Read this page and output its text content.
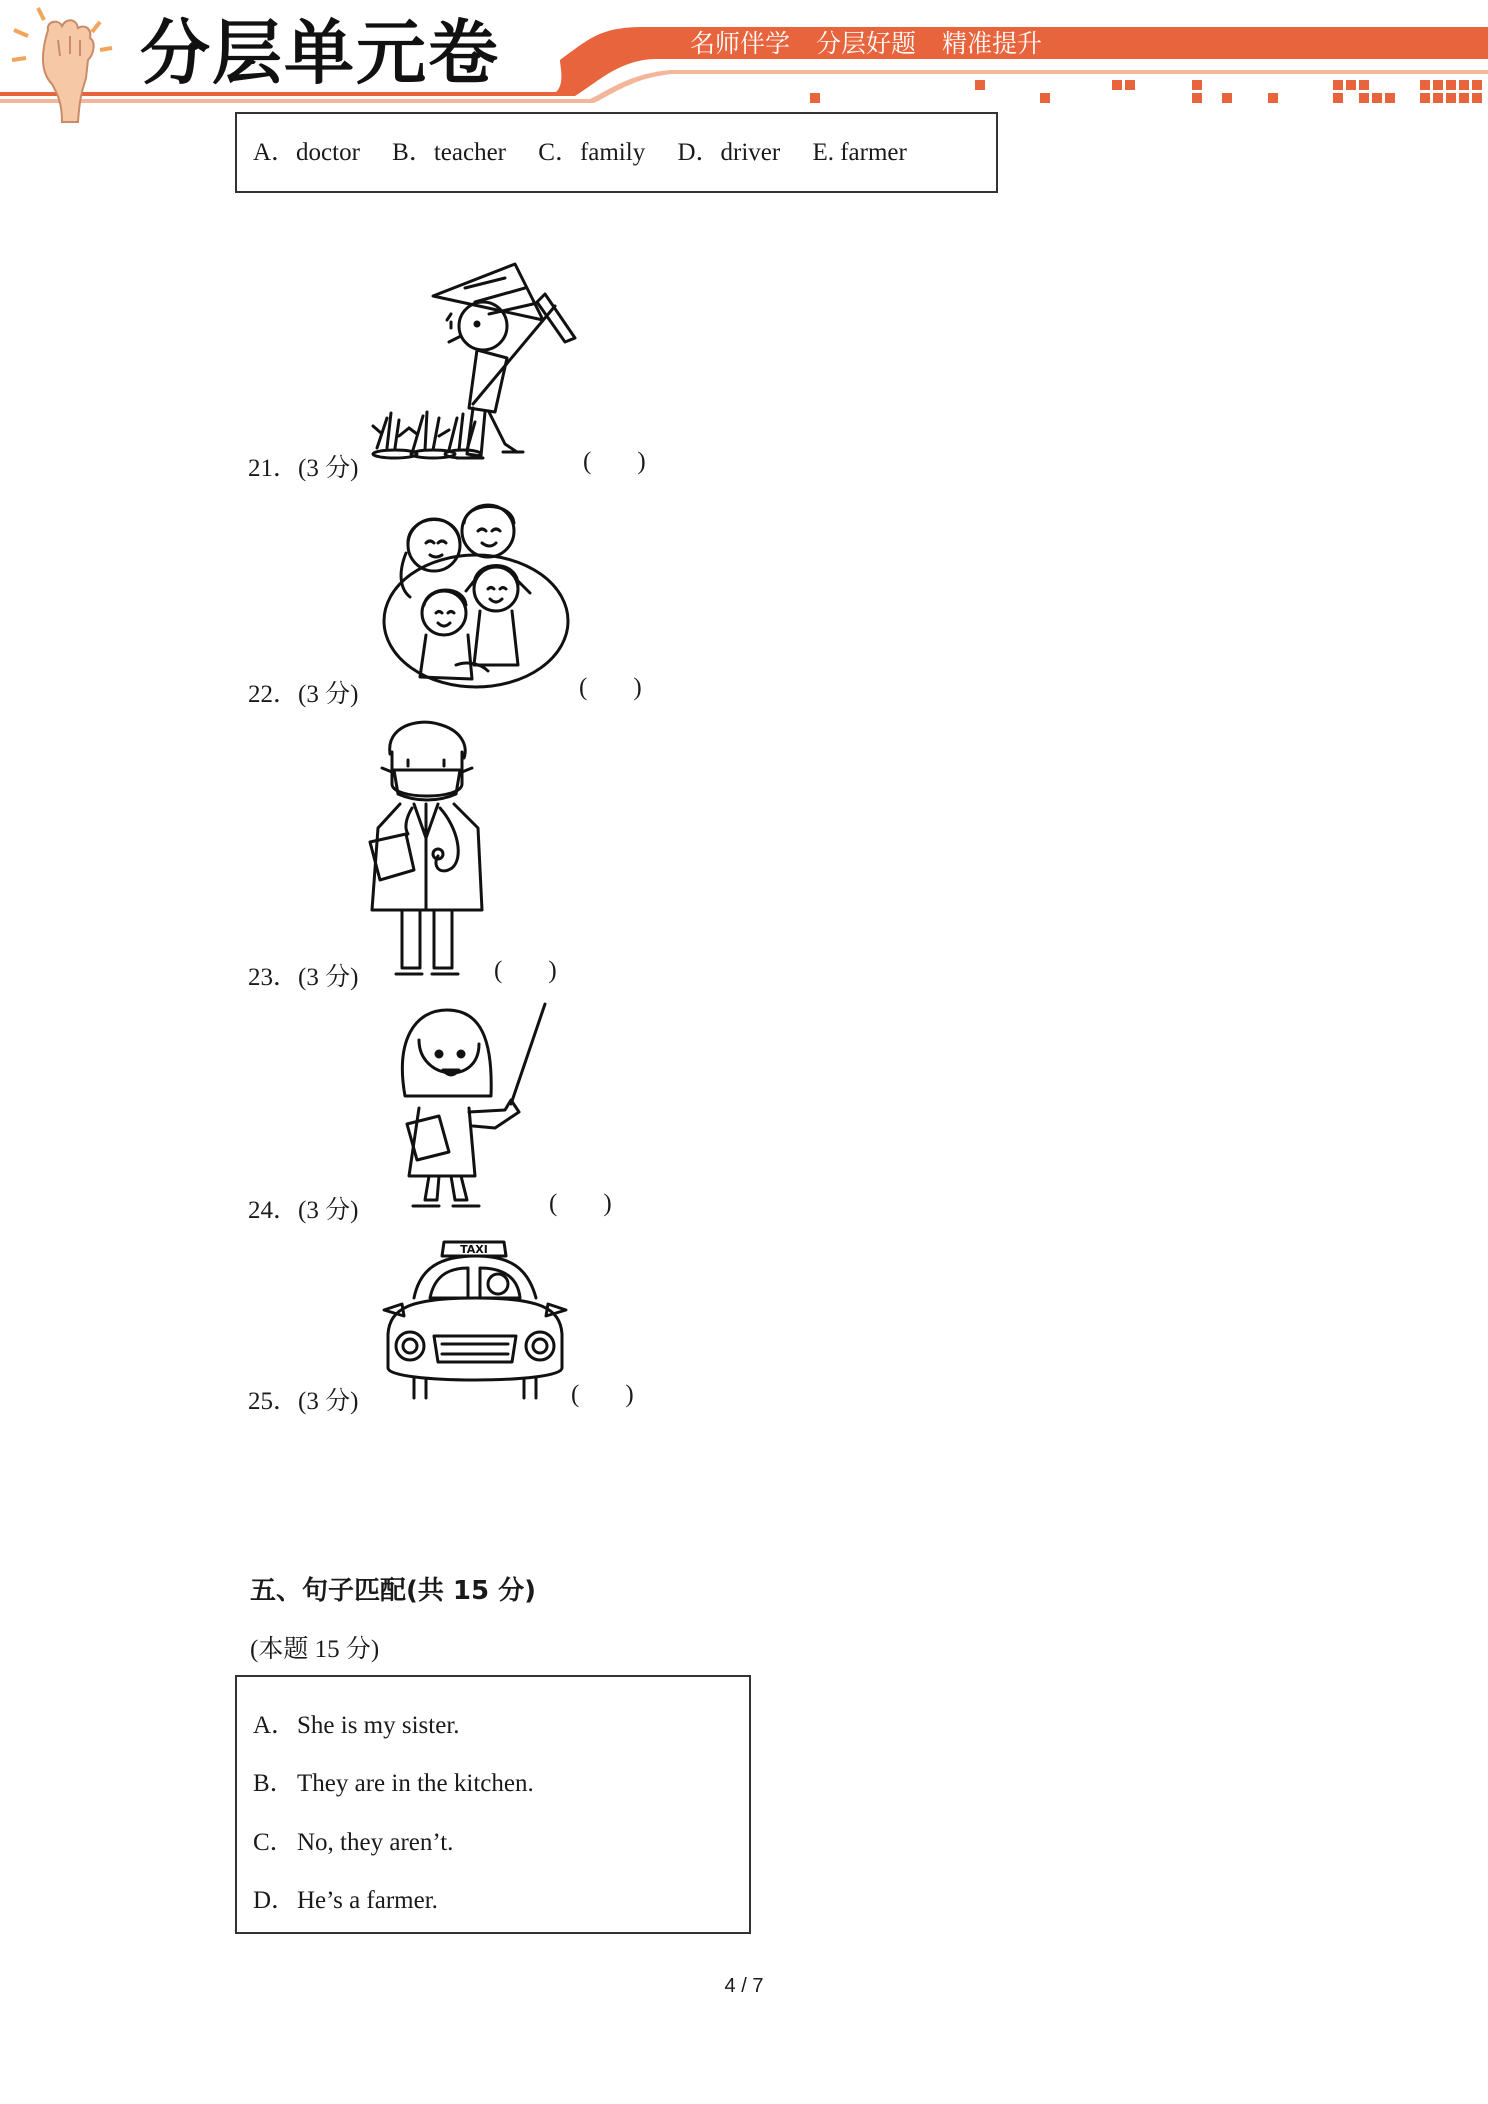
分层单元卷	名师伴学 分层好题 精准提升
A．doctor B．teacher C．family D．driver E. farmer
21．(3 分)	( )
22．(3 分)	( )
23．(3 分)	( )
24．(3 分)	( )
TAXI
25．(3 分)	( )
五、句子匹配(共 15 分)
(本题 15 分)
A．She is my sister.
B．They are in the kitchen.
C．No, they aren’t.
D．He’s a farmer.
4 / 7
